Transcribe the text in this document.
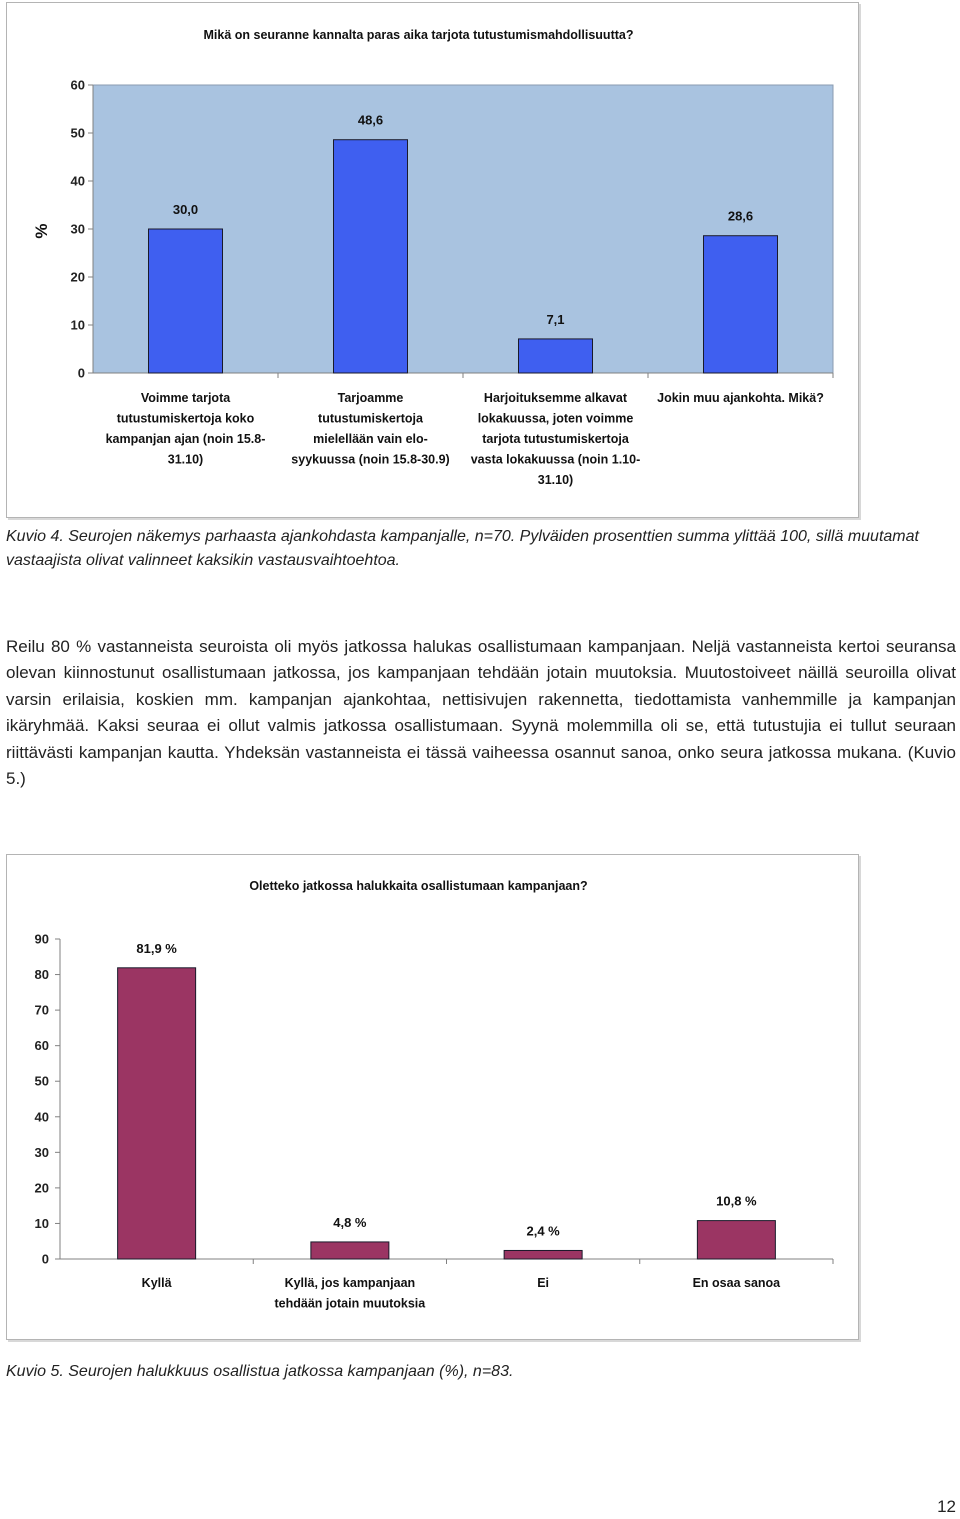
Mikä on seuranne kannalta paras aika tarjota tutustumismahdollisuutta?
0
10
20
30
40
50
60
%
30,0
Voimme tarjota
tutustumiskertoja koko
kampanjan ajan (noin 15.8-
31.10)
48,6
Tarjoamme
tutustumiskertoja
mielellään vain elo-
syykuussa (noin 15.8-30.9)
7,1
Harjoituksemme alkavat
lokakuussa, joten voimme
tarjota tutustumiskertoja
vasta lokakuussa (noin 1.10-
31.10)
28,6
Jokin muu ajankohta. Mikä?

Kuvio 4. Seurojen näkemys parhaasta ajankohdasta kampanjalle, n=70. Pylväiden prosenttien summa ylittää 100, sillä muutamat vastaajista olivat valinneet kaksikin vastausvaihtoehtoa.

Reilu 80 % vastanneista seuroista oli myös jatkossa halukas osallistumaan kampanjaan. Neljä vastanneista kertoi seuransa olevan kiinnostunut osallistumaan jatkossa, jos kampanjaan tehdään jotain muutoksia. Muutostoiveet näillä seuroilla olivat varsin erilaisia, koskien mm. kampanjan ajankohtaa, nettisivujen rakennetta, tiedottamista vanhemmille ja kampanjan ikäryhmää. Kaksi seuraa ei ollut valmis jatkossa osallistumaan. Syynä molemmilla oli se, että tutustujia ei tullut seuraan riittävästi kampanjan kautta. Yhdeksän vastanneista ei tässä vaiheessa osannut sanoa, onko seura jatkossa mukana. (Kuvio 5.)

Oletteko jatkossa halukkaita osallistumaan kampanjaan?
0
10
20
30
40
50
60
70
80
90
81,9 %
Kyllä
4,8 %
Kyllä, jos kampanjaan
tehdään jotain muutoksia
2,4 %
Ei
10,8 %
En osaa sanoa

Kuvio 5. Seurojen halukkuus osallistua jatkossa kampanjaan (%), n=83.

12
